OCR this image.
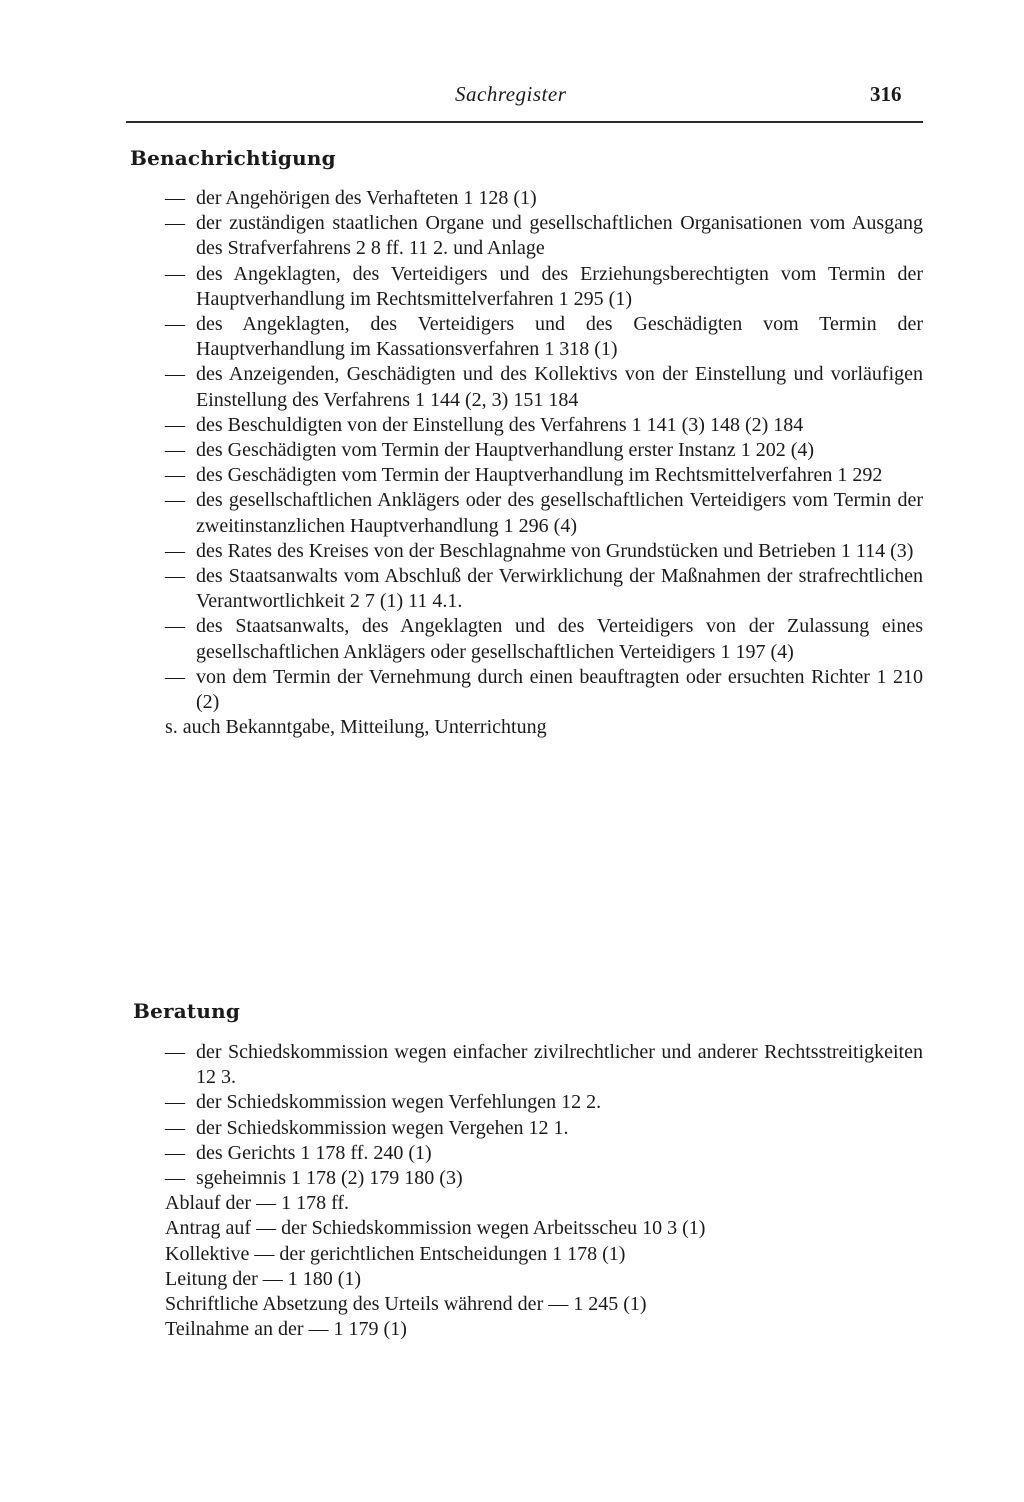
Sachregister	316
Benachrichtigung
— der Angehörigen des Verhafteten 1 128 (1)
— der zuständigen staatlichen Organe und gesellschaftlichen Organisationen vom Ausgang des Strafverfahrens 2 8 ff. 11 2. und Anlage
— des Angeklagten, des Verteidigers und des Erziehungsberechtigten vom Termin der Hauptverhandlung im Rechtsmittelverfahren 1 295 (1)
— des Angeklagten, des Verteidigers und des Geschädigten vom Termin der Hauptverhandlung im Kassationsverfahren 1 318 (1)
— des Anzeigenden, Geschädigten und des Kollektivs von der Einstellung und vorläufigen Einstellung des Verfahrens 1 144 (2, 3) 151 184
— des Beschuldigten von der Einstellung des Verfahrens 1 141 (3) 148 (2) 184
— des Geschädigten vom Termin der Hauptverhandlung erster Instanz 1 202 (4)
— des Geschädigten vom Termin der Hauptverhandlung im Rechtsmittelverfahren 1 292
— des gesellschaftlichen Anklägers oder des gesellschaftlichen Verteidigers vom Termin der zweitinstanzlichen Hauptverhandlung 1 296 (4)
— des Rates des Kreises von der Beschlagnahme von Grundstücken und Betrieben 1 114 (3)
— des Staatsanwalts vom Abschluß der Verwirklichung der Maßnahmen der strafrechtlichen Verantwortlichkeit 2 7 (1) 11 4.1.
— des Staatsanwalts, des Angeklagten und des Verteidigers von der Zulassung eines gesellschaftlichen Anklägers oder gesellschaftlichen Verteidigers 1 197 (4)
— von dem Termin der Vernehmung durch einen beauftragten oder ersuchten Richter 1 210 (2)
s. auch Bekanntgabe, Mitteilung, Unterrichtung
Beratung
— der Schiedskommission wegen einfacher zivilrechtlicher und anderer Rechtsstreitigkeiten 12 3.
— der Schiedskommission wegen Verfehlungen 12 2.
— der Schiedskommission wegen Vergehen 12 1.
— des Gerichts 1 178 ff. 240 (1)
— sgeheimnis 1 178 (2) 179 180 (3)
Ablauf der — 1 178 ff.
Antrag auf — der Schiedskommission wegen Arbeitsscheu 10 3 (1)
Kollektive — der gerichtlichen Entscheidungen 1 178 (1)
Leitung der — 1 180 (1)
Schriftliche Absetzung des Urteils während der — 1 245 (1)
Teilnahme an der — 1 179 (1)
